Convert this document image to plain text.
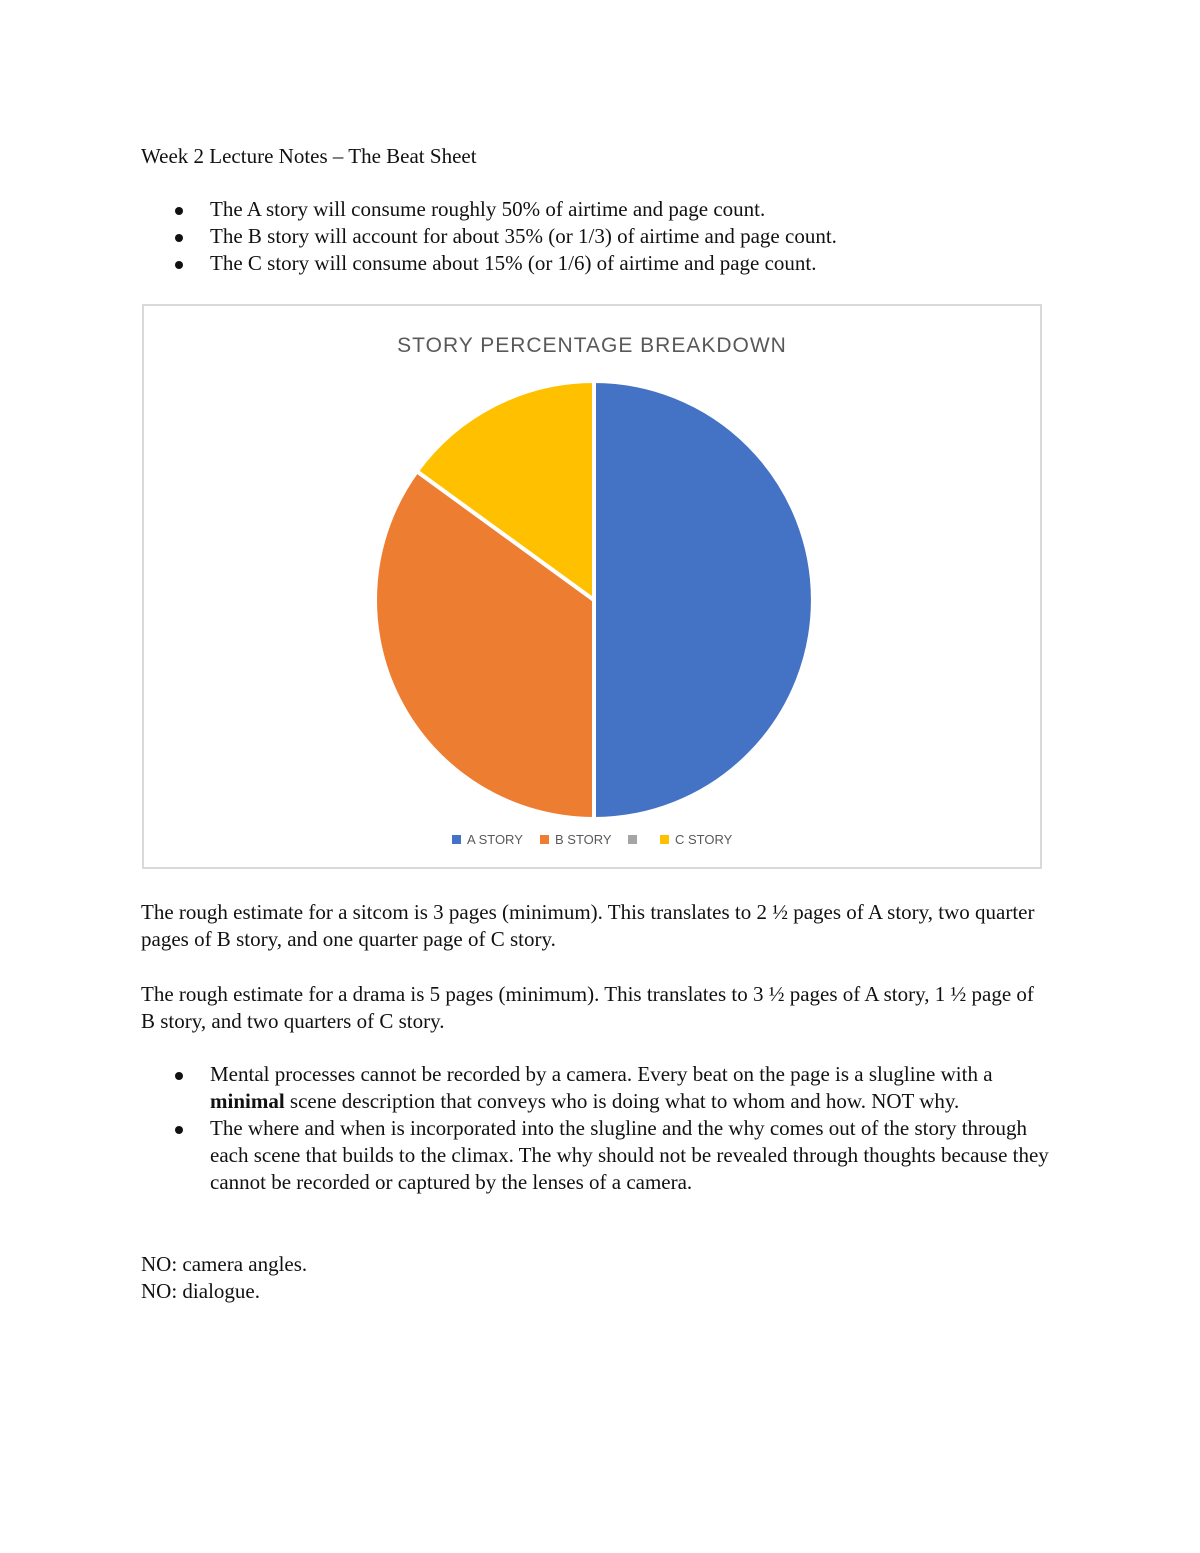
Week 2 Lecture Notes – The Beat Sheet
The A story will consume roughly 50% of airtime and page count.
The B story will account for about 35% (or 1/3) of airtime and page count.
The C story will consume about 15% (or 1/6) of airtime and page count.
STORY PERCENTAGE BREAKDOWN
A STORY B STORY	C STORY

The rough estimate for a sitcom is 3 pages (minimum). This translates to 2 ½ pages of A story, two quarter pages of B story, and one quarter page of C story.

The rough estimate for a drama is 5 pages (minimum). This translates to 3 ½ pages of A story, 1 ½ page of B story, and two quarters of C story.

Mental processes cannot be recorded by a camera. Every beat on the page is a slugline with a minimal scene description that conveys who is doing what to whom and how. NOT why.
The where and when is incorporated into the slugline and the why comes out of the story through each scene that builds to the climax. The why should not be revealed through thoughts because they cannot be recorded or captured by the lenses of a camera.

NO: camera angles.

NO: dialogue.
